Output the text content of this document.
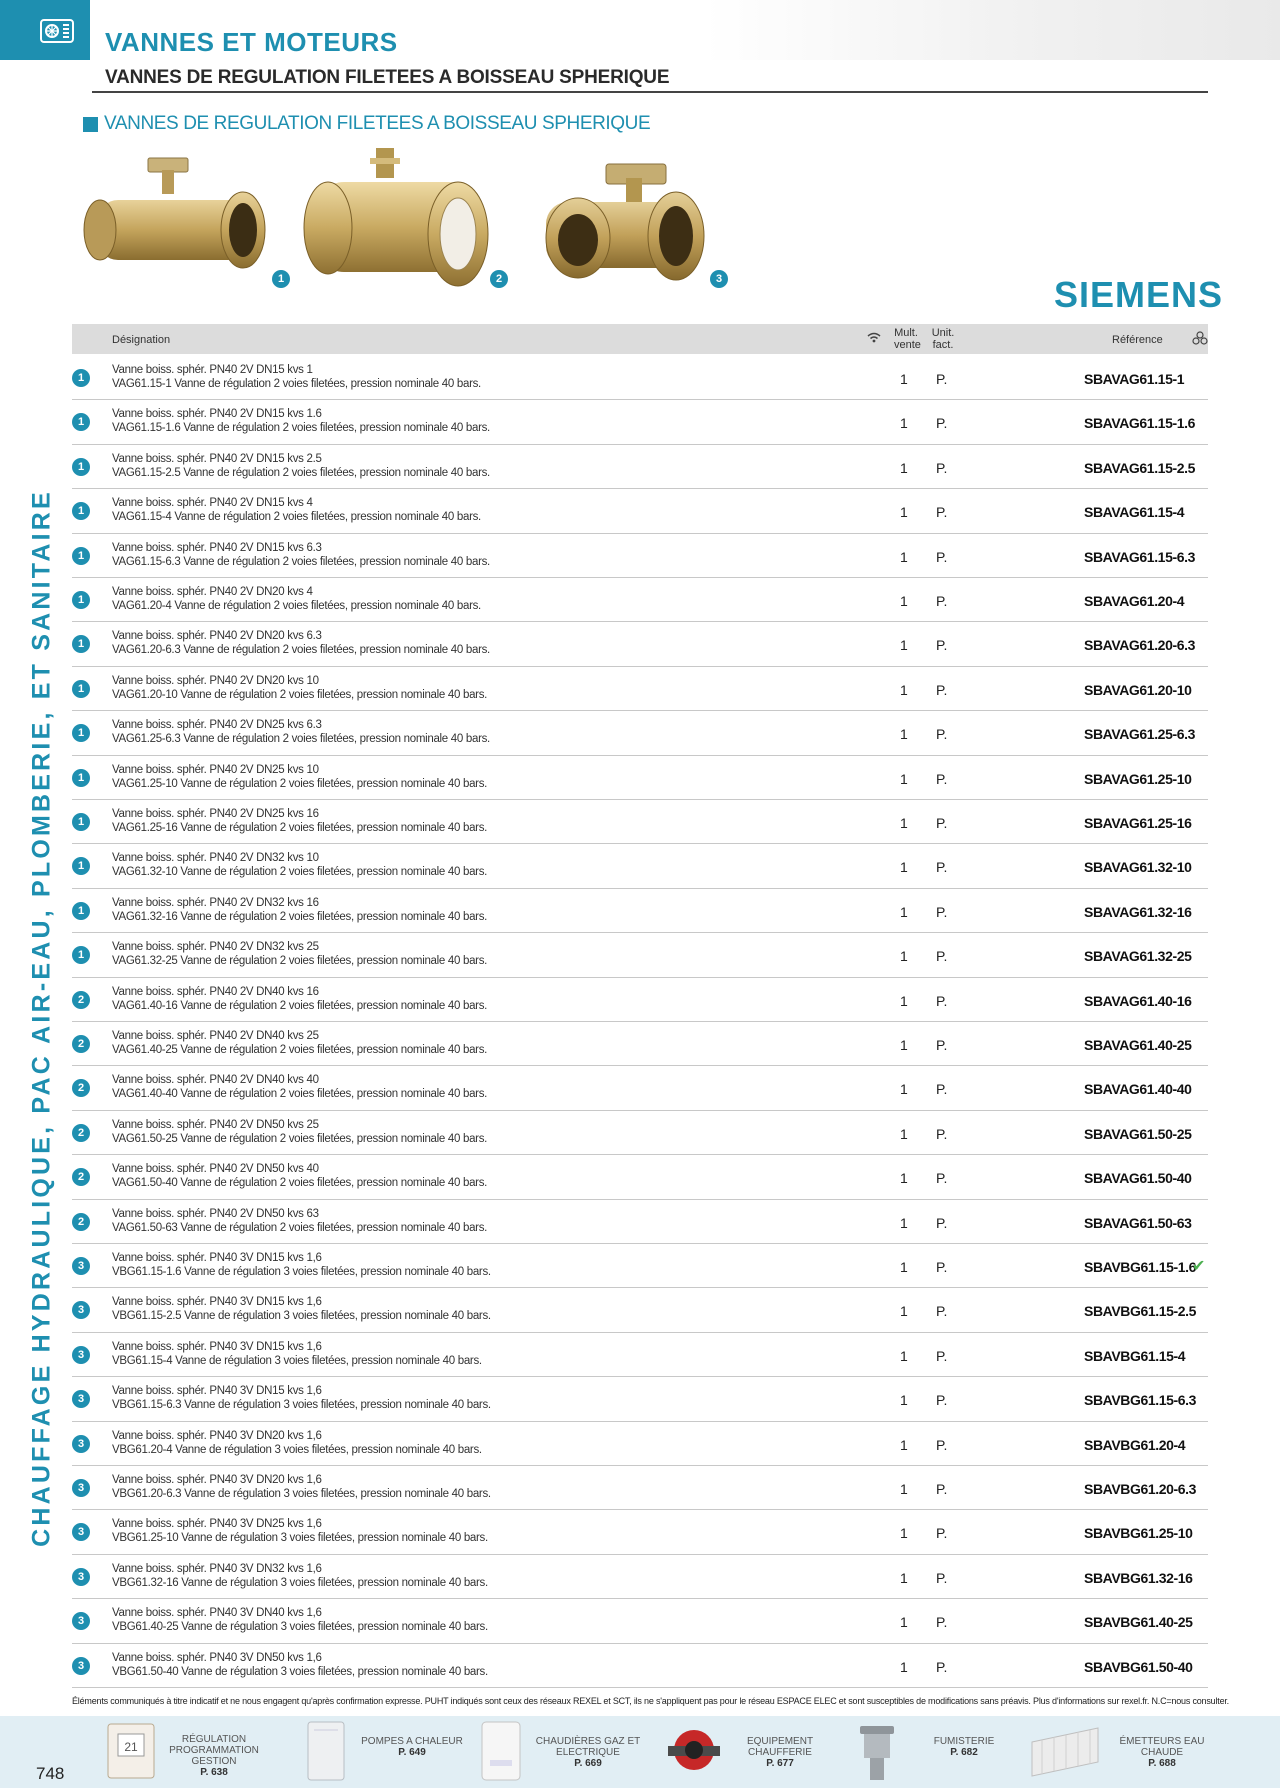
VANNES ET MOTEURS
VANNES DE REGULATION FILETEES A BOISSEAU SPHERIQUE
VANNES DE REGULATION FILETEES A BOISSEAU SPHERIQUE
1	2	3	SIEMENS
CHAUFFAGE HYDRAULIQUE, PAC AIR-EAU, PLOMBERIE, ET SANITAIRE
Désignation
Mult.
vente
Unit.
fact.	Référence
1
Vanne boiss. sphér. PN40 2V DN15 kvs 1
VAG61.15-1 Vanne de régulation 2 voies filetées, pression nominale 40 bars.	1 P.	SBAVAG61.15-1
1
Vanne boiss. sphér. PN40 2V DN15 kvs 1.6
VAG61.15-1.6 Vanne de régulation 2 voies filetées, pression nominale 40 bars.	1 P.	SBAVAG61.15-1.6
1
Vanne boiss. sphér. PN40 2V DN15 kvs 2.5
VAG61.15-2.5 Vanne de régulation 2 voies filetées, pression nominale 40 bars.	1 P.	SBAVAG61.15-2.5
1
Vanne boiss. sphér. PN40 2V DN15 kvs 4
VAG61.15-4 Vanne de régulation 2 voies filetées, pression nominale 40 bars.	1 P.	SBAVAG61.15-4
1
Vanne boiss. sphér. PN40 2V DN15 kvs 6.3
VAG61.15-6.3 Vanne de régulation 2 voies filetées, pression nominale 40 bars.	1 P.	SBAVAG61.15-6.3
1
Vanne boiss. sphér. PN40 2V DN20 kvs 4
VAG61.20-4 Vanne de régulation 2 voies filetées, pression nominale 40 bars.	1 P.	SBAVAG61.20-4
1
Vanne boiss. sphér. PN40 2V DN20 kvs 6.3
VAG61.20-6.3 Vanne de régulation 2 voies filetées, pression nominale 40 bars.	1 P.	SBAVAG61.20-6.3
1
Vanne boiss. sphér. PN40 2V DN20 kvs 10
VAG61.20-10 Vanne de régulation 2 voies filetées, pression nominale 40 bars.	1 P.	SBAVAG61.20-10
1
Vanne boiss. sphér. PN40 2V DN25 kvs 6.3
VAG61.25-6.3 Vanne de régulation 2 voies filetées, pression nominale 40 bars.	1 P.	SBAVAG61.25-6.3
1
Vanne boiss. sphér. PN40 2V DN25 kvs 10
VAG61.25-10 Vanne de régulation 2 voies filetées, pression nominale 40 bars.	1 P.	SBAVAG61.25-10
1
Vanne boiss. sphér. PN40 2V DN25 kvs 16
VAG61.25-16 Vanne de régulation 2 voies filetées, pression nominale 40 bars.	1 P.	SBAVAG61.25-16
1
Vanne boiss. sphér. PN40 2V DN32 kvs 10
VAG61.32-10 Vanne de régulation 2 voies filetées, pression nominale 40 bars.	1 P.	SBAVAG61.32-10
1
Vanne boiss. sphér. PN40 2V DN32 kvs 16
VAG61.32-16 Vanne de régulation 2 voies filetées, pression nominale 40 bars.	1 P.	SBAVAG61.32-16
1
Vanne boiss. sphér. PN40 2V DN32 kvs 25
VAG61.32-25 Vanne de régulation 2 voies filetées, pression nominale 40 bars.	1 P.	SBAVAG61.32-25
2
Vanne boiss. sphér. PN40 2V DN40 kvs 16
VAG61.40-16 Vanne de régulation 2 voies filetées, pression nominale 40 bars.	1 P.	SBAVAG61.40-16
2
Vanne boiss. sphér. PN40 2V DN40 kvs 25
VAG61.40-25 Vanne de régulation 2 voies filetées, pression nominale 40 bars.	1 P.	SBAVAG61.40-25
2
Vanne boiss. sphér. PN40 2V DN40 kvs 40
VAG61.40-40 Vanne de régulation 2 voies filetées, pression nominale 40 bars.	1 P.	SBAVAG61.40-40
2
Vanne boiss. sphér. PN40 2V DN50 kvs 25
VAG61.50-25 Vanne de régulation 2 voies filetées, pression nominale 40 bars.	1 P.	SBAVAG61.50-25
2
Vanne boiss. sphér. PN40 2V DN50 kvs 40
VAG61.50-40 Vanne de régulation 2 voies filetées, pression nominale 40 bars.	1 P.	SBAVAG61.50-40
2
Vanne boiss. sphér. PN40 2V DN50 kvs 63
VAG61.50-63 Vanne de régulation 2 voies filetées, pression nominale 40 bars.	1 P.	SBAVAG61.50-63
3
Vanne boiss. sphér. PN40 3V DN15 kvs 1,6
VBG61.15-1.6 Vanne de régulation 3 voies filetées, pression nominale 40 bars.	1 P.	SBAVBG61.15-1.6
✔
3
Vanne boiss. sphér. PN40 3V DN15 kvs 1,6
VBG61.15-2.5 Vanne de régulation 3 voies filetées, pression nominale 40 bars.	1 P.	SBAVBG61.15-2.5
3
Vanne boiss. sphér. PN40 3V DN15 kvs 1,6
VBG61.15-4 Vanne de régulation 3 voies filetées, pression nominale 40 bars.	1 P.	SBAVBG61.15-4
3
Vanne boiss. sphér. PN40 3V DN15 kvs 1,6
VBG61.15-6.3 Vanne de régulation 3 voies filetées, pression nominale 40 bars.	1 P.	SBAVBG61.15-6.3
3
Vanne boiss. sphér. PN40 3V DN20 kvs 1,6
VBG61.20-4 Vanne de régulation 3 voies filetées, pression nominale 40 bars.	1 P.	SBAVBG61.20-4
3
Vanne boiss. sphér. PN40 3V DN20 kvs 1,6
VBG61.20-6.3 Vanne de régulation 3 voies filetées, pression nominale 40 bars.	1 P.	SBAVBG61.20-6.3
3
Vanne boiss. sphér. PN40 3V DN25 kvs 1,6
VBG61.25-10 Vanne de régulation 3 voies filetées, pression nominale 40 bars.	1 P.	SBAVBG61.25-10
3
Vanne boiss. sphér. PN40 3V DN32 kvs 1,6
VBG61.32-16 Vanne de régulation 3 voies filetées, pression nominale 40 bars.	1 P.	SBAVBG61.32-16
3
Vanne boiss. sphér. PN40 3V DN40 kvs 1,6
VBG61.40-25 Vanne de régulation 3 voies filetées, pression nominale 40 bars.	1 P.	SBAVBG61.40-25
3
Vanne boiss. sphér. PN40 3V DN50 kvs 1,6
VBG61.50-40 Vanne de régulation 3 voies filetées, pression nominale 40 bars.	1 P.	SBAVBG61.50-40
Éléments communiqués à titre indicatif et ne nous engagent qu'après confirmation expresse. PUHT indiqués sont ceux des réseaux REXEL et SCT, ils ne s'appliquent pas pour le réseau ESPACE ELEC et sont susceptibles de modifications sans préavis. Plus d'informations sur rexel.fr. N.C=nous consulter.
748
21
RÉGULATION PROGRAMMATION GESTION
P. 638
POMPES A CHALEUR
P. 649
CHAUDIÈRES GAZ ET ELECTRIQUE
P. 669
EQUIPEMENT CHAUFFERIE
P. 677
FUMISTERIE
P. 682
ÉMETTEURS EAU CHAUDE
P. 688
